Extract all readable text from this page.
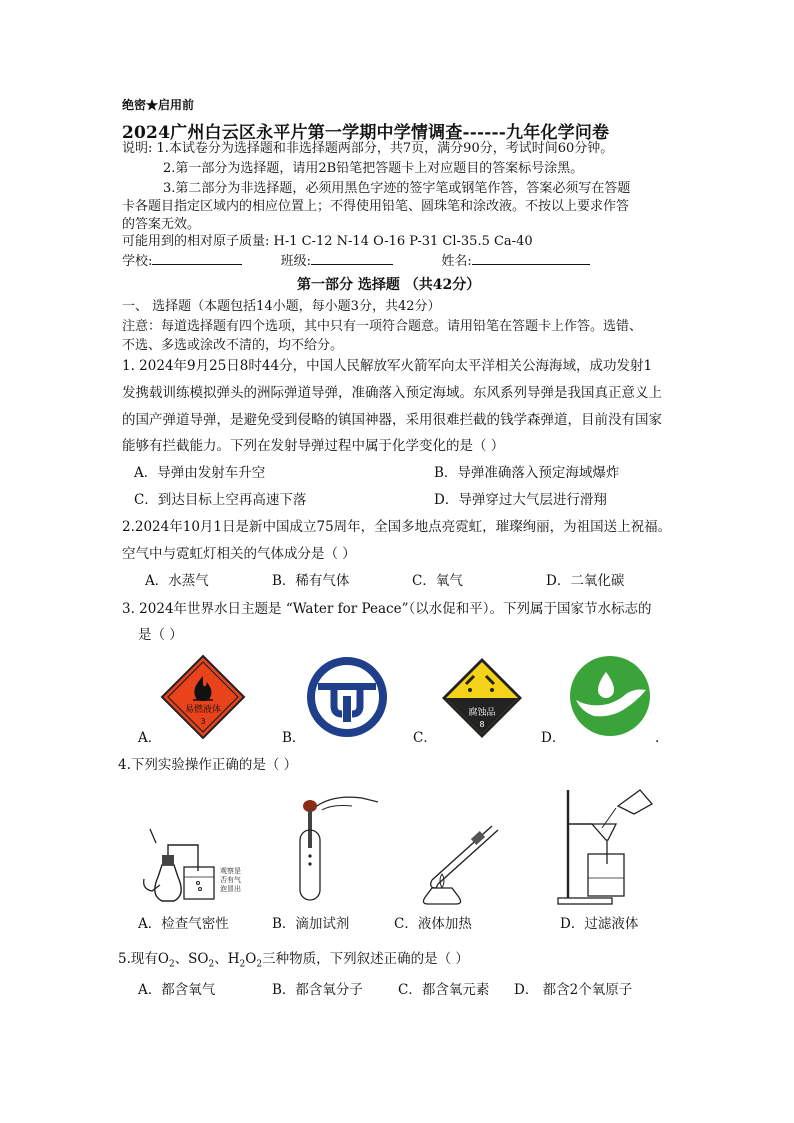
绝密★启用前
2024广州白云区永平片第一学期中学情调查------九年化学问卷
说明: 1.本试卷分为选择题和非选择题两部分，共7页，满分90分，考试时间60分钟。
2.第一部分为选择题，请用2B铅笔把答题卡上对应题目的答案标号涂黑。
3.第二部分为非选择题，必须用黑色字迹的签字笔或钢笔作答，答案必须写在答题
卡各题目指定区域内的相应位置上；不得使用铅笔、圆珠笔和涂改液。不按以上要求作答
的答案无效。
可能用到的相对原子质量: H-1 C-12 N-14 O-16 P-31 Cl-35.5 Ca-40
学校:	班级:	姓名:
第一部分 选择题 （共42分）
一、 选择题（本题包括14小题，每小题3分，共42分）
注意：每道选择题有四个选项，其中只有一项符合题意。请用铅笔在答题卡上作答。选错、
不选、多选或涂改不清的，均不给分。
1. 2024年9月25日8时44分，中国人民解放军火箭军向太平洋相关公海海域，成功发射1
发携载训练模拟弹头的洲际弹道导弹，准确落入预定海域。东风系列导弹是我国真正意义上
的国产弹道导弹，是避免受到侵略的镇国神器，采用很难拦截的钱学森弹道，目前没有国家
能够有拦截能力。下列在发射导弹过程中属于化学变化的是（ ）
A．导弹由发射车升空	B．导弹准确落入预定海域爆炸
C．到达目标上空再高速下落	D．导弹穿过大气层进行滑翔
2.2024年10月1日是新中国成立75周年，全国多地点亮霓虹，璀璨绚丽，为祖国送上祝福。
空气中与霓虹灯相关的气体成分是（ ）
A．水蒸气	B．稀有气体	C．氧气	D．二氧化碳
3. 2024年世界水日主题是 “Water for Peace”（以水促和平）。下列属于国家节水标志的
是（ ）
易燃液体
3
腐蚀品
8
A．	B．	C．	D．	.
4.下列实验操作正确的是（ ）
观察是
否有气
泡冒出
A．检查气密性	B．滴加试剂	C．液体加热	D．过滤液体
5.现有$O_2$、$SO_2$、$H_2O_2$三种物质，下列叙述正确的是（ ）
A．都含氧气	B．都含氧分子	C．都含氧元素 D． 都含2个氧原子
